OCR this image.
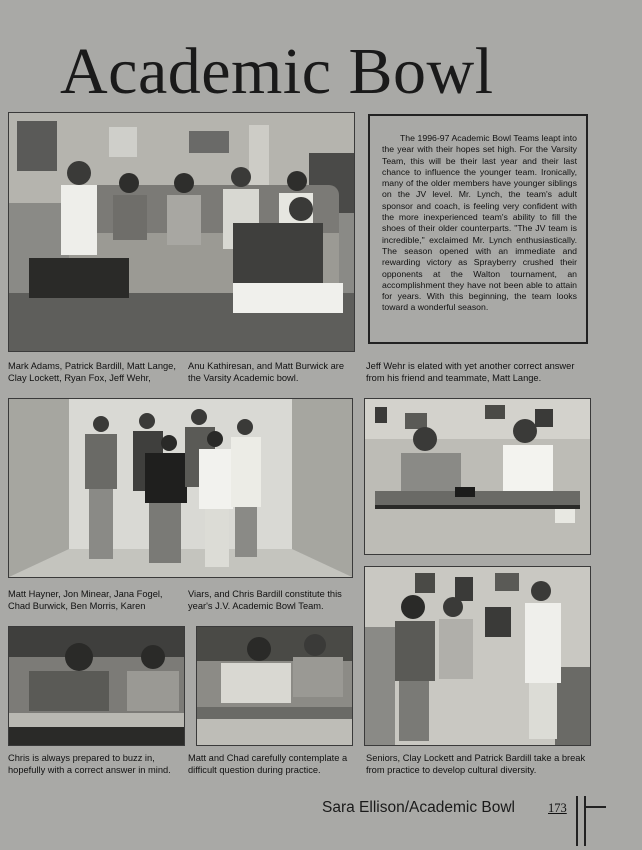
Academic Bowl
The 1996-97 Academic Bowl Teams leapt into the year with their hopes set high. For the Varsity Team, this will be their last year and their last chance to influence the younger team. Ironically, many of the older members have younger siblings on the JV level. Mr. Lynch, the team's adult sponsor and coach, is feeling very confident with the more inexperienced team's ability to fill the shoes of their older counterparts. "The JV team is incredible," exclaimed Mr. Lynch enthusiastically. The season opened with an immediate and rewarding victory as Sprayberry crushed their opponents at the Walton tournament, an accomplishment they have not been able to attain for years. With this beginning, the team looks toward a wonderful season.
Mark Adams, Patrick Bardill, Matt Lange, Clay Lockett, Ryan Fox, Jeff Wehr,
Anu Kathiresan, and Matt Burwick are the Varsity Academic bowl.
Jeff Wehr is elated with yet another correct answer from his friend and teammate, Matt Lange.
Matt Hayner, Jon Minear, Jana Fogel, Chad Burwick, Ben Morris, Karen
Viars, and Chris Bardill constitute this year's J.V. Academic Bowl Team.
Chris is always prepared to buzz in, hopefully with a correct answer in mind.
Matt and Chad carefully contemplate a difficult question during practice.
Seniors, Clay Lockett and Patrick Bardill take a break from practice to develop cultural diversity.
Sara Ellison/Academic Bowl	173
